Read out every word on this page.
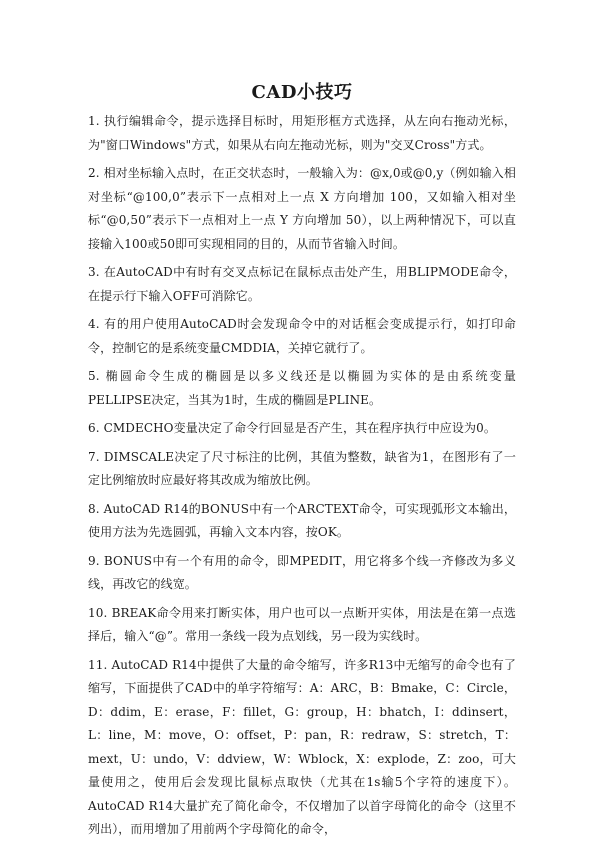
CAD小技巧

1. 执行编辑命令，提示选择目标时，用矩形框方式选择，从左向右拖动光标，为"窗口Windows"方式，如果从右向左拖动光标，则为"交叉Cross"方式。

2. 相对坐标输入点时，在正交状态时，一般输入为：@x,0或@0,y（例如输入相对坐标“@100,0”表示下一点相对上一点 X 方向增加 100，又如输入相对坐标“@0,50”表示下一点相对上一点 Y 方向增加 50），以上两种情况下，可以直接输入100或50即可实现相同的目的，从而节省输入时间。

3. 在AutoCAD中有时有交叉点标记在鼠标点击处产生，用BLIPMODE命令，在提示行下输入OFF可消除它。

4. 有的用户使用AutoCAD时会发现命令中的对话框会变成提示行，如打印命令，控制它的是系统变量CMDDIA，关掉它就行了。

5. 椭圆命令生成的椭圆是以多义线还是以椭圆为实体的是由系统变量PELLIPSE决定，当其为1时，生成的椭圆是PLINE。

6. CMDECHO变量决定了命令行回显是否产生，其在程序执行中应设为0。

7. DIMSCALE决定了尺寸标注的比例，其值为整数，缺省为1，在图形有了一定比例缩放时应最好将其改成为缩放比例。

8. AutoCAD R14的BONUS中有一个ARCTEXT命令，可实现弧形文本输出，使用方法为先选圆弧，再输入文本内容，按OK。

9. BONUS中有一个有用的命令，即MPEDIT，用它将多个线一齐修改为多义线，再改它的线宽。

10. BREAK命令用来打断实体，用户也可以一点断开实体，用法是在第一点选择后，输入“@”。常用一条线一段为点划线，另一段为实线时。

11. AutoCAD R14中提供了大量的命令缩写，许多R13中无缩写的命令也有了缩写，下面提供了CAD中的单字符缩写：A：ARC，B：Bmake，C：Circle，D：ddim，E：erase，F：fillet，G：group，H：bhatch，I：ddinsert，L：line，M：move，O：offset，P：pan，R：redraw，S：stretch，T：mext，U：undo，V：ddview，W：Wblock，X：explode，Z：zoo，可大量使用之，使用后会发现比鼠标点取快（尤其在1s输5个字符的速度下）。AutoCAD R14大量扩充了简化命令，不仅增加了以首字母简化的命令（这里不列出），而用增加了用前两个字母简化的命令，
